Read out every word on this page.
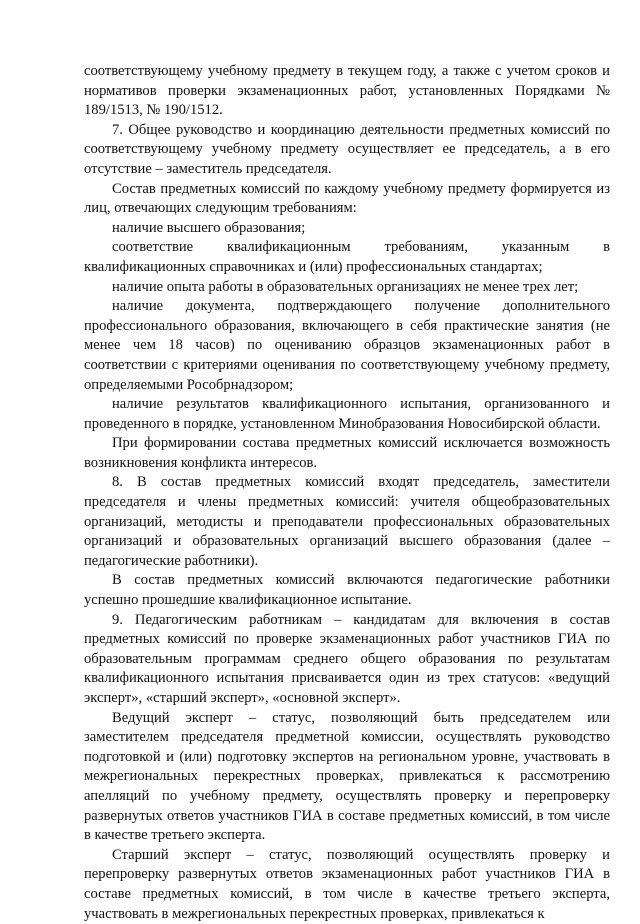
соответствующему учебному предмету в текущем году, а также с учетом сроков и нормативов проверки экзаменационных работ, установленных Порядками № 189/1513, № 190/1512.

7. Общее руководство и координацию деятельности предметных комиссий по соответствующему учебному предмету осуществляет ее председатель, а в его отсутствие – заместитель председателя.

Состав предметных комиссий по каждому учебному предмету формируется из лиц, отвечающих следующим требованиям:

наличие высшего образования;

соответствие квалификационным требованиям, указанным в квалификационных справочниках и (или) профессиональных стандартах;

наличие опыта работы в образовательных организациях не менее трех лет;

наличие документа, подтверждающего получение дополнительного профессионального образования, включающего в себя практические занятия (не менее чем 18 часов) по оцениванию образцов экзаменационных работ в соответствии с критериями оценивания по соответствующему учебному предмету, определяемыми Рособрнадзором;

наличие результатов квалификационного испытания, организованного и проведенного в порядке, установленном Минобразования Новосибирской области.

При формировании состава предметных комиссий исключается возможность возникновения конфликта интересов.

8. В состав предметных комиссий входят председатель, заместители председателя и члены предметных комиссий: учителя общеобразовательных организаций, методисты и преподаватели профессиональных образовательных организаций и образовательных организаций высшего образования (далее – педагогические работники).

В состав предметных комиссий включаются педагогические работники успешно прошедшие квалификационное испытание.

9. Педагогическим работникам – кандидатам для включения в состав предметных комиссий по проверке экзаменационных работ участников ГИА по образовательным программам среднего общего образования по результатам квалификационного испытания присваивается один из трех статусов: «ведущий эксперт», «старший эксперт», «основной эксперт».

Ведущий эксперт – статус, позволяющий быть председателем или заместителем председателя предметной комиссии, осуществлять руководство подготовкой и (или) подготовку экспертов на региональном уровне, участвовать в межрегиональных перекрестных проверках, привлекаться к рассмотрению апелляций по учебному предмету, осуществлять проверку и перепроверку развернутых ответов участников ГИА в составе предметных комиссий, в том числе в качестве третьего эксперта.

Старший эксперт – статус, позволяющий осуществлять проверку и перепроверку развернутых ответов экзаменационных работ участников ГИА в составе предметных комиссий, в том числе в качестве третьего эксперта, участвовать в межрегиональных перекрестных проверках, привлекаться к
